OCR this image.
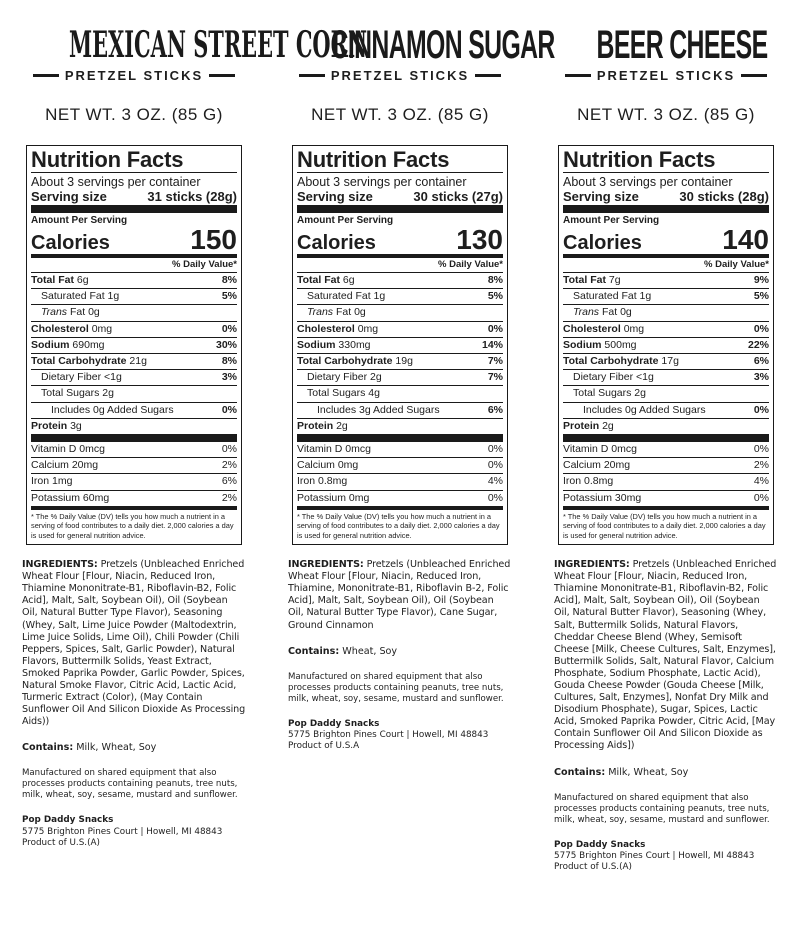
MEXICAN STREET CORN
PRETZEL STICKS
NET WT. 3 OZ. (85 G)
Nutrition Facts
About 3 servings per container
Serving size	31 sticks (28g)
Amount Per Serving
Calories	150
% Daily Value*
Total Fat 6g	8%
Saturated Fat 1g	5%
Trans Fat 0g
Cholesterol 0mg	0%
Sodium 690mg	30%
Total Carbohydrate 21g	8%
Dietary Fiber <1g	3%
Total Sugars 2g
Includes 0g Added Sugars	0%
Protein 3g
Vitamin D 0mcg	0%
Calcium 20mg	2%
Iron 1mg	6%
Potassium 60mg	2%
* The % Daily Value (DV) tells you how much a nutrient in a serving of food contributes to a daily diet. 2,000 calories a day is used for general nutrition advice.
INGREDIENTS: Pretzels (Unbleached Enriched Wheat Flour [Flour, Niacin, Reduced Iron, Thiamine Mononitrate-B1, Riboflavin-B2, Folic Acid], Malt, Salt, Soybean Oil), Oil (Soybean Oil, Natural Butter Type Flavor), Seasoning (Whey, Salt, Lime Juice Powder (Maltodextrin, Lime Juice Solids, Lime Oil), Chili Powder (Chili Peppers, Spices, Salt, Garlic Powder), Natural Flavors, Buttermilk Solids, Yeast Extract, Smoked Paprika Powder, Garlic Powder, Spices, Natural Smoke Flavor, Citric Acid, Lactic Acid, Turmeric Extract (Color), (May Contain Sunflower Oil And Silicon Dioxide As Processing Aids))
Contains: Milk, Wheat, Soy
Manufactured on shared equipment that also processes products containing peanuts, tree nuts, milk, wheat, soy, sesame, mustard and sunflower.
Pop Daddy Snacks
5775 Brighton Pines Court | Howell, MI 48843
Product of U.S.(A)
CINNAMON SUGAR
PRETZEL STICKS
NET WT. 3 OZ. (85 G)
Nutrition Facts
About 3 servings per container
Serving size	30 sticks (27g)
Amount Per Serving
Calories	130
% Daily Value*
Total Fat 6g	8%
Saturated Fat 1g	5%
Trans Fat 0g
Cholesterol 0mg	0%
Sodium 330mg	14%
Total Carbohydrate 19g	7%
Dietary Fiber 2g	7%
Total Sugars 4g
Includes 3g Added Sugars	6%
Protein 2g
Vitamin D 0mcg	0%
Calcium 0mg	0%
Iron 0.8mg	4%
Potassium 0mg	0%
* The % Daily Value (DV) tells you how much a nutrient in a serving of food contributes to a daily diet. 2,000 calories a day is used for general nutrition advice.
INGREDIENTS: Pretzels (Unbleached Enriched Wheat Flour [Flour, Niacin, Reduced Iron, Thiamine, Mononitrate-B1, Riboflavin B-2, Folic Acid], Malt, Salt, Soybean Oil), Oil (Soybean Oil, Natural Butter Type Flavor), Cane Sugar, Ground Cinnamon
Contains: Wheat, Soy
Manufactured on shared equipment that also processes products containing peanuts, tree nuts, milk, wheat, soy, sesame, mustard and sunflower.
Pop Daddy Snacks
5775 Brighton Pines Court | Howell, MI 48843
Product of U.S.A
BEER CHEESE
PRETZEL STICKS
NET WT. 3 OZ. (85 G)
Nutrition Facts
About 3 servings per container
Serving size	30 sticks (28g)
Amount Per Serving
Calories	140
% Daily Value*
Total Fat 7g	9%
Saturated Fat 1g	5%
Trans Fat 0g
Cholesterol 0mg	0%
Sodium 500mg	22%
Total Carbohydrate 17g	6%
Dietary Fiber <1g	3%
Total Sugars 2g
Includes 0g Added Sugars	0%
Protein 2g
Vitamin D 0mcg	0%
Calcium 20mg	2%
Iron 0.8mg	4%
Potassium 30mg	0%
* The % Daily Value (DV) tells you how much a nutrient in a serving of food contributes to a daily diet. 2,000 calories a day is used for general nutrition advice.
INGREDIENTS: Pretzels (Unbleached Enriched Wheat Flour [Flour, Niacin, Reduced Iron, Thiamine Mononitrate-B1, Riboflavin-B2, Folic Acid], Malt, Salt, Soybean Oil), Oil (Soybean Oil, Natural Butter Flavor), Seasoning (Whey, Salt, Buttermilk Solids, Natural Flavors, Cheddar Cheese Blend (Whey, Semisoft Cheese [Milk, Cheese Cultures, Salt, Enzymes], Buttermilk Solids, Salt, Natural Flavor, Calcium Phosphate, Sodium Phosphate, Lactic Acid), Gouda Cheese Powder (Gouda Cheese [Milk, Cultures, Salt, Enzymes], Nonfat Dry Milk and Disodium Phosphate), Sugar, Spices, Lactic Acid, Smoked Paprika Powder, Citric Acid, [May Contain Sunflower Oil And Silicon Dioxide as Processing Aids])
Contains: Milk, Wheat, Soy
Manufactured on shared equipment that also processes products containing peanuts, tree nuts, milk, wheat, soy, sesame, mustard and sunflower.
Pop Daddy Snacks
5775 Brighton Pines Court | Howell, MI 48843
Product of U.S.(A)
